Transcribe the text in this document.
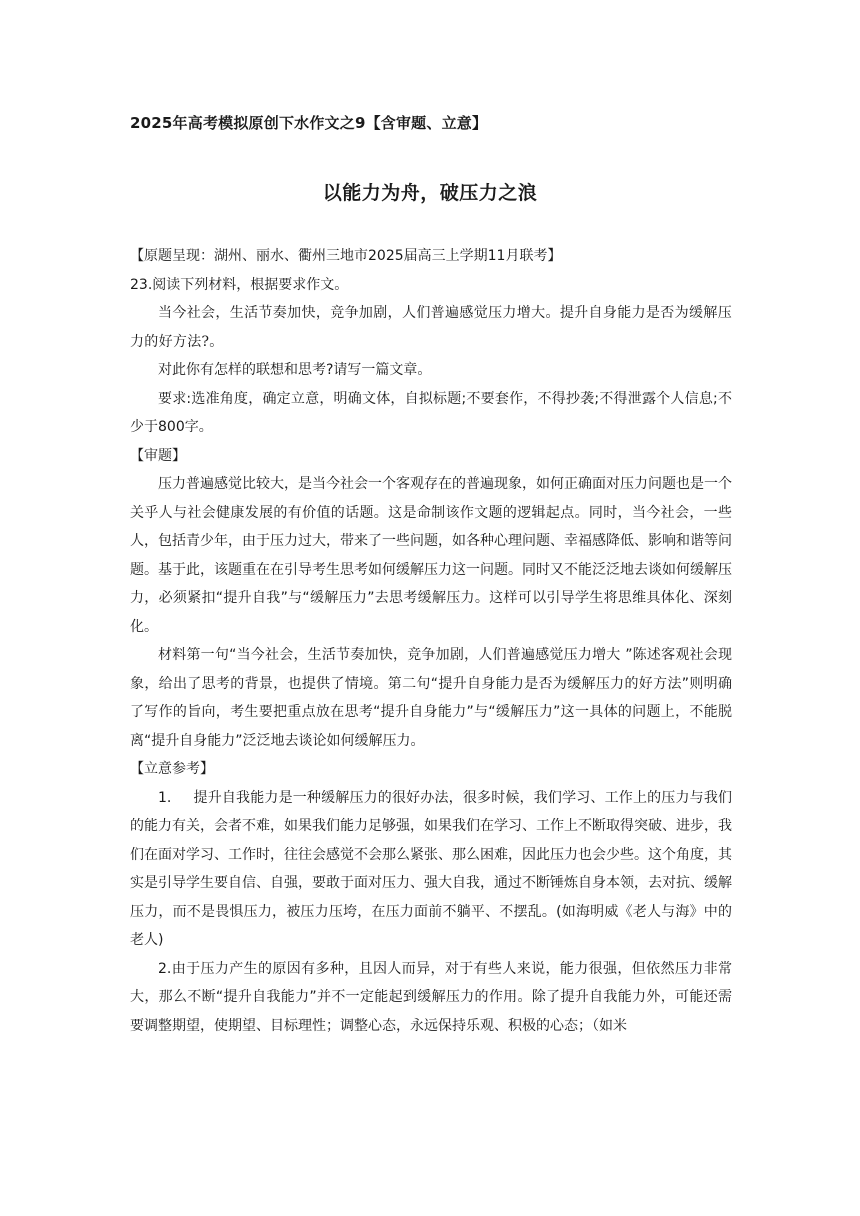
2025年高考模拟原创下水作文之9【含审题、立意】
以能力为舟，破压力之浪

【原题呈现：湖州、丽水、衢州三地市2025届高三上学期11月联考】

23.阅读下列材料，根据要求作文。

当今社会，生活节奏加快，竞争加剧，人们普遍感觉压力增大。提升自身能力是否为缓解压力的好方法?。

对此你有怎样的联想和思考?请写一篇文章。

要求:选准角度，确定立意，明确文体，自拟标题;不要套作，不得抄袭;不得泄露个人信息;不少于800字。

【审题】

压力普遍感觉比较大，是当今社会一个客观存在的普遍现象，如何正确面对压力问题也是一个关乎人与社会健康发展的有价值的话题。这是命制该作文题的逻辑起点。同时，当今社会，一些人，包括青少年，由于压力过大，带来了一些问题，如各种心理问题、幸福感降低、影响和谐等问题。基于此，该题重在在引导考生思考如何缓解压力这一问题。同时又不能泛泛地去谈如何缓解压力，必须紧扣“提升自我”与“缓解压力”去思考缓解压力。这样可以引导学生将思维具体化、深刻化。

材料第一句“当今社会，生活节奏加快，竞争加剧，人们普遍感觉压力增大 ”陈述客观社会现象，给出了思考的背景，也提供了情境。第二句“提升自身能力是否为缓解压力的好方法”则明确了写作的旨向，考生要把重点放在思考“提升自身能力”与“缓解压力”这一具体的问题上，不能脱离“提升自身能力”泛泛地去谈论如何缓解压力。

【立意参考】

1. 提升自我能力是一种缓解压力的很好办法，很多时候，我们学习、工作上的压力与我们的能力有关，会者不难，如果我们能力足够强，如果我们在学习、工作上不断取得突破、进步，我们在面对学习、工作时，往往会感觉不会那么紧张、那么困难，因此压力也会少些。这个角度，其实是引导学生要自信、自强，要敢于面对压力、强大自我，通过不断锤炼自身本领，去对抗、缓解压力，而不是畏惧压力，被压力压垮，在压力面前不躺平、不摆乱。(如海明威《老人与海》中的老人)

2.由于压力产生的原因有多种，且因人而异，对于有些人来说，能力很强，但依然压力非常大，那么不断“提升自我能力”并不一定能起到缓解压力的作用。除了提升自我能力外，可能还需要调整期望，使期望、目标理性；调整心态，永远保持乐观、积极的心态；（如米
